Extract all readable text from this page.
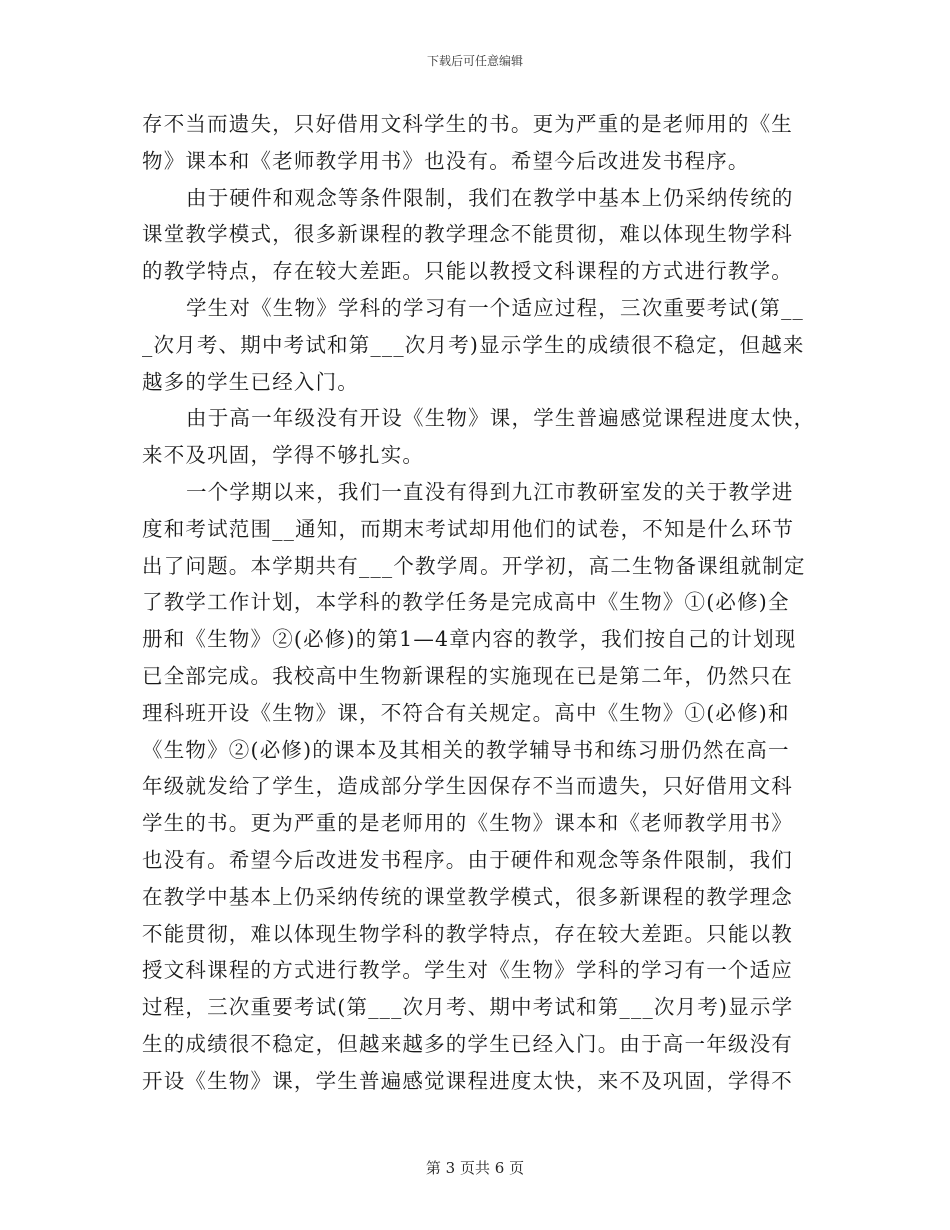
下载后可任意编辑
存不当而遗失，只好借用文科学生的书。更为严重的是老师用的《生
物》课本和《老师教学用书》也没有。希望今后改进发书程序。
由于硬件和观念等条件限制，我们在教学中基本上仍采纳传统的
课堂教学模式，很多新课程的教学理念不能贯彻，难以体现生物学科
的教学特点，存在较大差距。只能以教授文科课程的方式进行教学。
学生对《生物》学科的学习有一个适应过程，三次重要考试(第__
_次月考、期中考试和第___次月考)显示学生的成绩很不稳定，但越来
越多的学生已经入门。
由于高一年级没有开设《生物》课，学生普遍感觉课程进度太快，
来不及巩固，学得不够扎实。
一个学期以来，我们一直没有得到九江市教研室发的关于教学进
度和考试范围__通知，而期末考试却用他们的试卷，不知是什么环节
出了问题。本学期共有___个教学周。开学初，高二生物备课组就制定
了教学工作计划，本学科的教学任务是完成高中《生物》①(必修)全
册和《生物》②(必修)的第1—4章内容的教学，我们按自己的计划现
已全部完成。我校高中生物新课程的实施现在已是第二年，仍然只在
理科班开设《生物》课，不符合有关规定。高中《生物》①(必修)和
《生物》②(必修)的课本及其相关的教学辅导书和练习册仍然在高一
年级就发给了学生，造成部分学生因保存不当而遗失，只好借用文科
学生的书。更为严重的是老师用的《生物》课本和《老师教学用书》
也没有。希望今后改进发书程序。由于硬件和观念等条件限制，我们
在教学中基本上仍采纳传统的课堂教学模式，很多新课程的教学理念
不能贯彻，难以体现生物学科的教学特点，存在较大差距。只能以教
授文科课程的方式进行教学。学生对《生物》学科的学习有一个适应
过程，三次重要考试(第___次月考、期中考试和第___次月考)显示学
生的成绩很不稳定，但越来越多的学生已经入门。由于高一年级没有
开设《生物》课，学生普遍感觉课程进度太快，来不及巩固，学得不
第 3 页共 6 页
